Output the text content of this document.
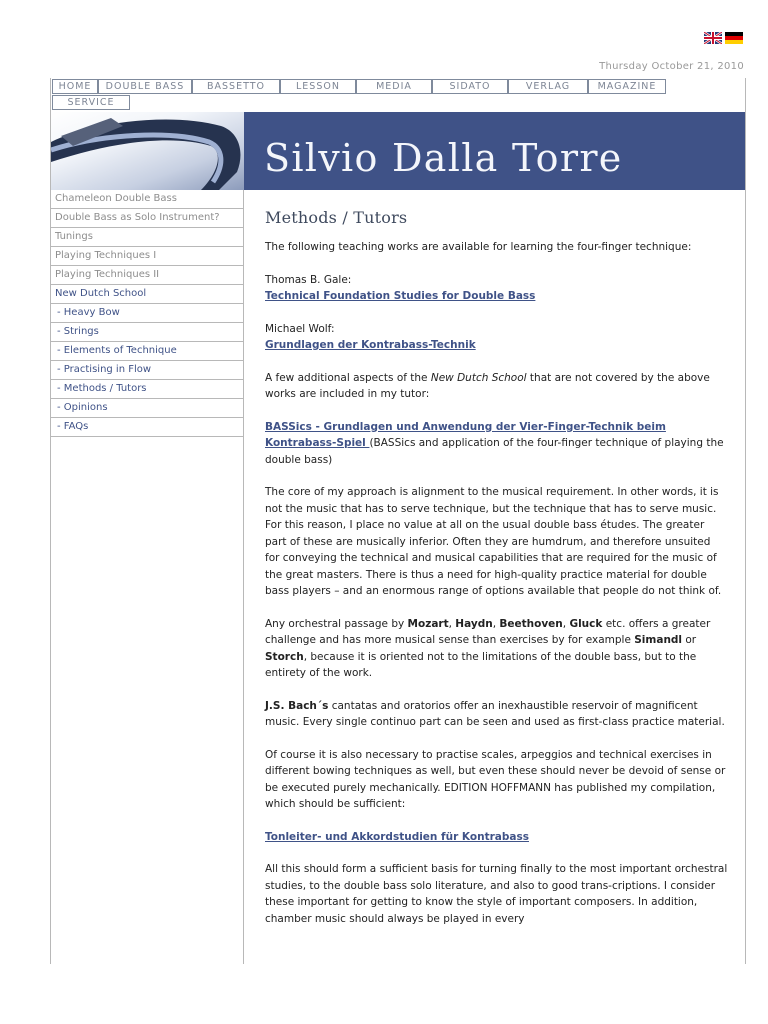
Thursday October 21, 2010
HOME	DOUBLE BASS	BASSETTO	LESSON	MEDIA	SIDATO	VERLAG	MAGAZINE
SERVICE
Silvio Dalla Torre
Chameleon Double Bass
Double Bass as Solo Instrument?
Tunings
Playing Techniques I
Playing Techniques II
New Dutch School
- Heavy Bow
- Strings
- Elements of Technique
- Practising in Flow
- Methods / Tutors
- Opinions
- FAQs
Methods / Tutors

The following teaching works are available for learning the four-finger technique:

Thomas B. Gale:
Technical Foundation Studies for Double Bass

Michael Wolf:
Grundlagen der Kontrabass-Technik

A few additional aspects of the New Dutch School that are not covered by the above works are included in my tutor:

BASSics - Grundlagen und Anwendung der Vier-Finger-Technik beim Kontrabass-Spiel (BASSics and application of the four-finger technique of playing the double bass)

The core of my approach is alignment to the musical requirement. In other words, it is not the music that has to serve technique, but the technique that has to serve music. For this reason, I place no value at all on the usual double bass études. The greater part of these are musically inferior. Often they are humdrum, and therefore unsuited for conveying the technical and musical capabilities that are required for the music of the great masters. There is thus a need for high-quality practice material for double bass players – and an enormous range of options available that people do not think of.

Any orchestral passage by Mozart, Haydn, Beethoven, Gluck etc. offers a greater challenge and has more musical sense than exercises by for example Simandl or Storch, because it is oriented not to the limitations of the double bass, but to the entirety of the work.

J.S. Bach´s cantatas and oratorios offer an inexhaustible reservoir of magnificent music. Every single continuo part can be seen and used as first-class practice material.

Of course it is also necessary to practise scales, arpeggios and technical exercises in different bowing techniques as well, but even these should never be devoid of sense or be executed purely mechanically. EDITION HOFFMANN has published my compilation, which should be sufficient:

Tonleiter- und Akkordstudien für Kontrabass

All this should form a sufficient basis for turning finally to the most important orchestral studies, to the double bass solo literature, and also to good trans-criptions. I consider these important for getting to know the style of important composers. In addition, chamber music should always be played in every
